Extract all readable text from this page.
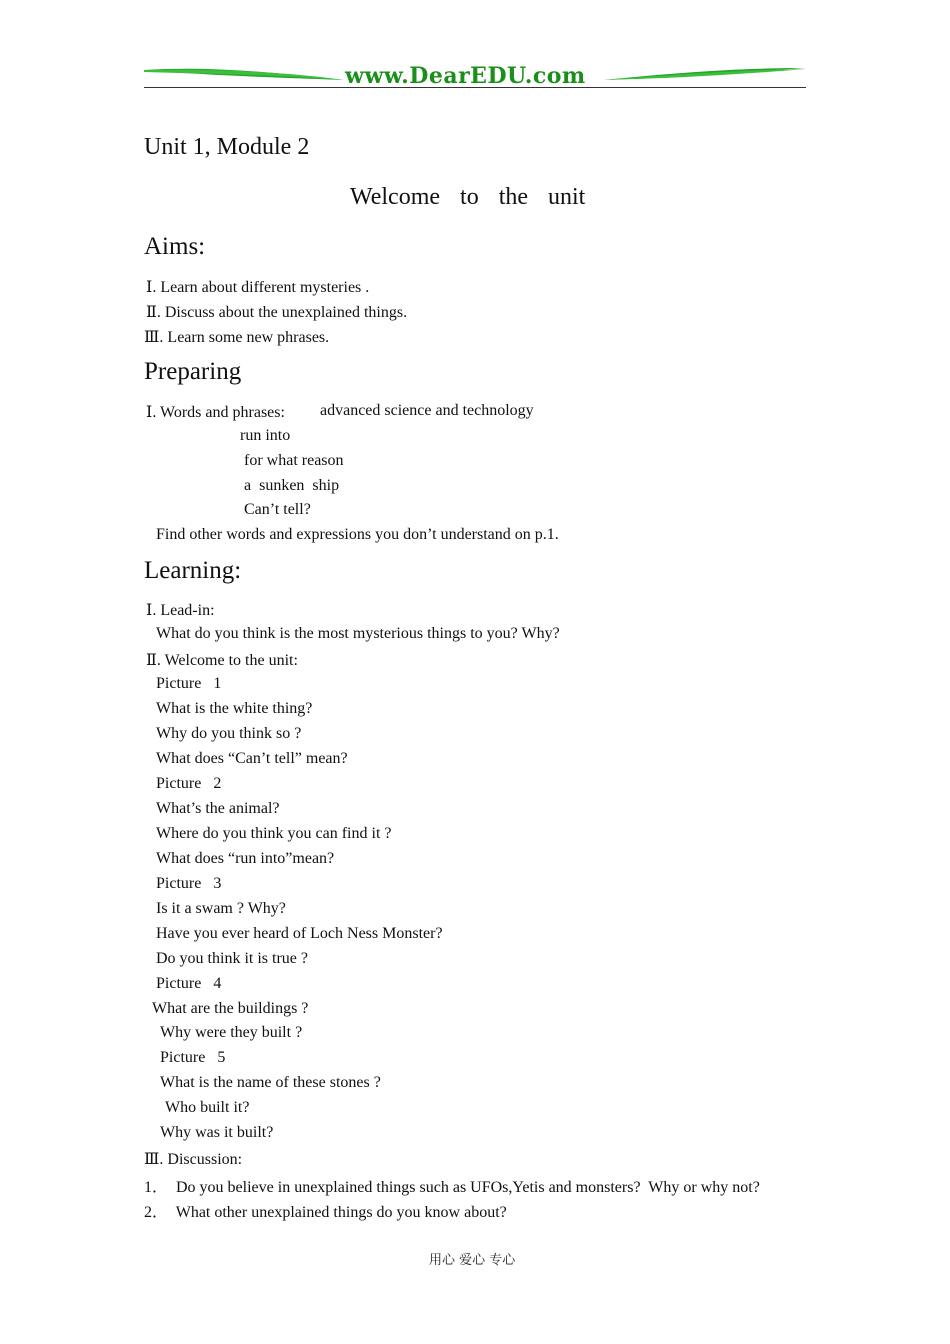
www.DearEDU.com
Unit 1, Module 2
Welcome to the unit
Aims:
Ⅰ. Learn about different mysteries .
Ⅱ. Discuss about the unexplained things.
Ⅲ. Learn some new phrases.
Preparing
Ⅰ. Words and phrases: advanced science and technology
run into
for what reason
a  sunken  ship
Can’t tell?
Find other words and expressions you don’t understand on p.1.
Learning:
Ⅰ. Lead-in:
What do you think is the most mysterious things to you? Why?
Ⅱ. Welcome to the unit:
Picture   1
What is the white thing?
Why do you think so ?
What does “Can’t tell” mean?
Picture   2
What’s the animal?
Where do you think you can find it ?
What does “run into”mean?
Picture   3
Is it a swam ? Why?
Have you ever heard of Loch Ness Monster?
Do you think it is true ?
Picture   4
What are the buildings ?
Why were they built ?
Picture   5
What is the name of these stones ?
Who built it?
Why was it built?
Ⅲ. Discussion:
1．  Do you believe in unexplained things such as UFOs,Yetis and monsters?  Why or why not?
2．  What other unexplained things do you know about?
用心 爱心 专心
